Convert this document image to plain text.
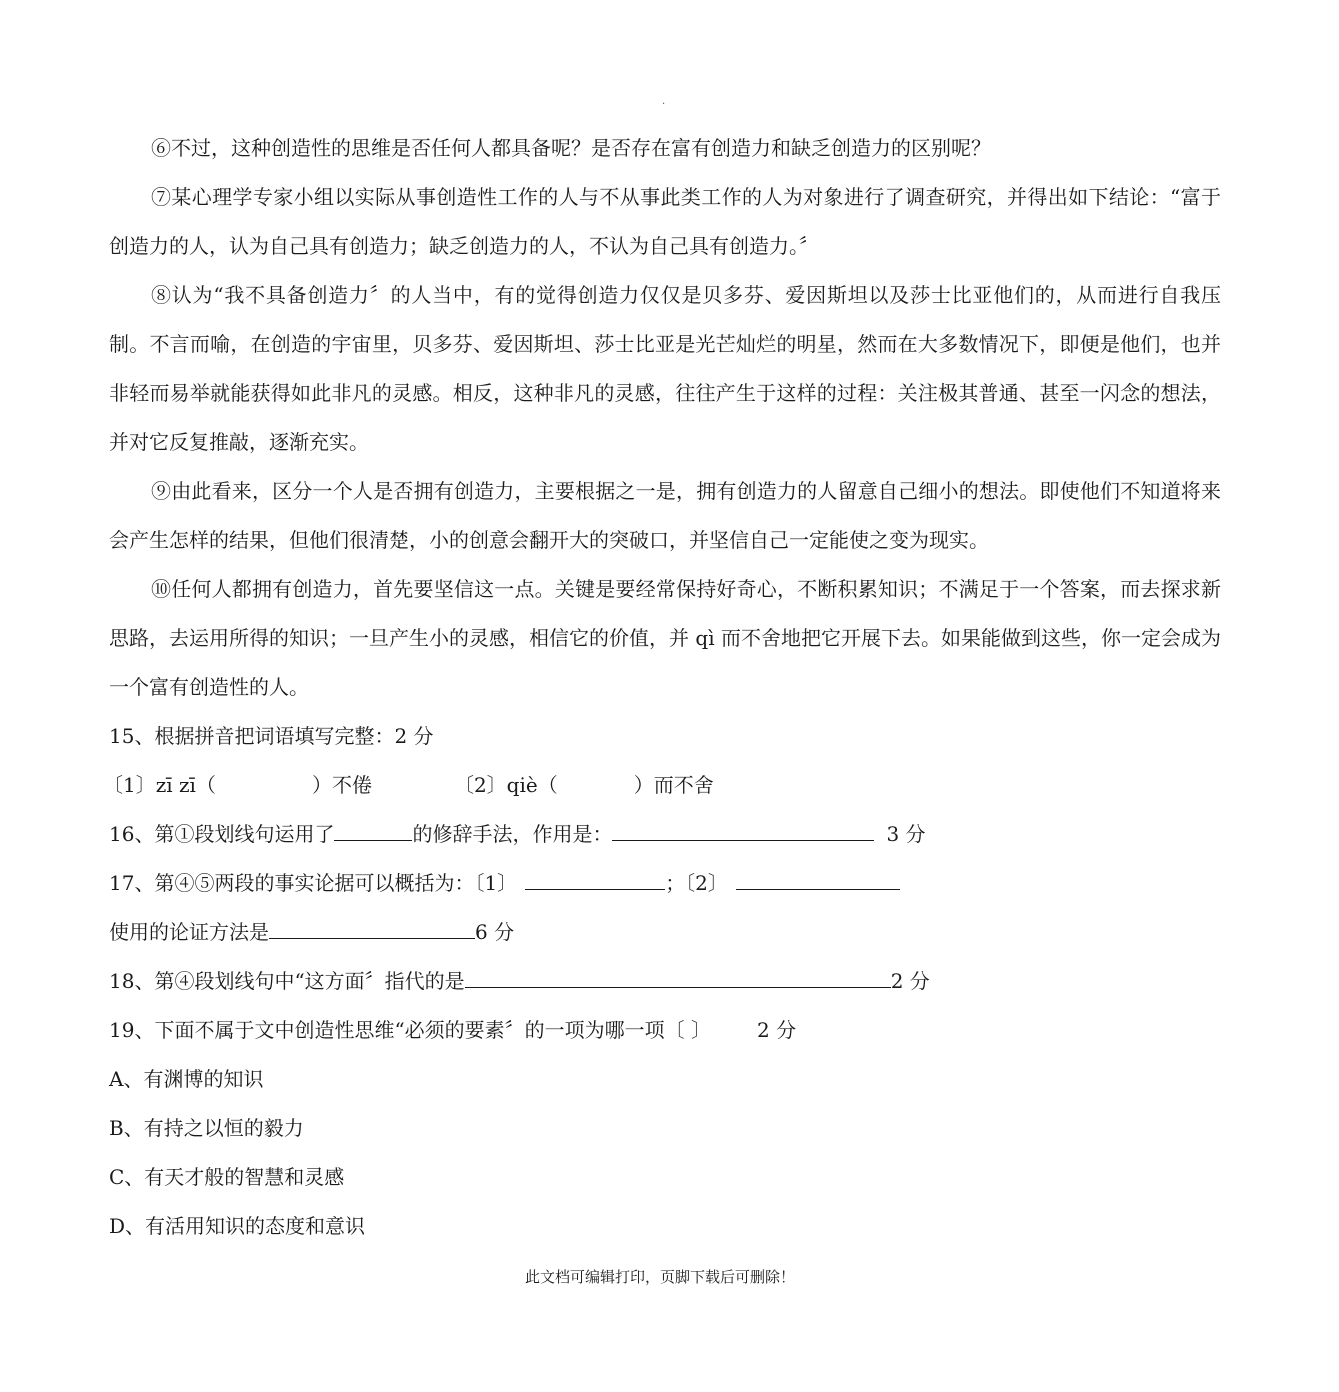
.

⑥不过，这种创造性的思维是否任何人都具备呢？是否存在富有创造力和缺乏创造力的区别呢？

⑦某心理学专家小组以实际从事创造性工作的人与不从事此类工作的人为对象进行了调查研究，并得出如下结论：“富于创造力的人，认为自己具有创造力；缺乏创造力的人，不认为自己具有创造力。〞

⑧认为“我不具备创造力〞的人当中，有的觉得创造力仅仅是贝多芬、爱因斯坦以及莎士比亚他们的，从而进行自我压制。不言而喻，在创造的宇宙里，贝多芬、爱因斯坦、莎士比亚是光芒灿烂的明星，然而在大多数情况下，即便是他们，也并非轻而易举就能获得如此非凡的灵感。相反，这种非凡的灵感，往往产生于这样的过程：关注极其普通、甚至一闪念的想法，并对它反复推敲，逐渐充实。

⑨由此看来，区分一个人是否拥有创造力，主要根据之一是，拥有创造力的人留意自己细小的想法。即使他们不知道将来会产生怎样的结果，但他们很清楚，小的创意会翻开大的突破口，并坚信自己一定能使之变为现实。

⑩任何人都拥有创造力，首先要坚信这一点。关键是要经常保持好奇心，不断积累知识；不满足于一个答案，而去探求新思路，去运用所得的知识；一旦产生小的灵感，相信它的价值，并 qì 而不舍地把它开展下去。如果能做到这些，你一定会成为一个富有创造性的人。

15、根据拼音把词语填写完整：2 分

〔1〕zī zī（	）不倦	〔2〕qiè（	）而不舍

16、第①段划线句运用了	的修辞手法，作用是：	3 分

17、第④⑤两段的事实论据可以概括为：〔1〕	；〔2〕

使用的论证方法是	6 分

18、第④段划线句中“这方面〞指代的是	2 分

19、下面不属于文中创造性思维“必须的要素〞的一项为哪一项〔 〕 2 分

A、有渊博的知识

B、有持之以恒的毅力

C、有天才般的智慧和灵感

D、有活用知识的态度和意识

此文档可编辑打印，页脚下载后可删除！
